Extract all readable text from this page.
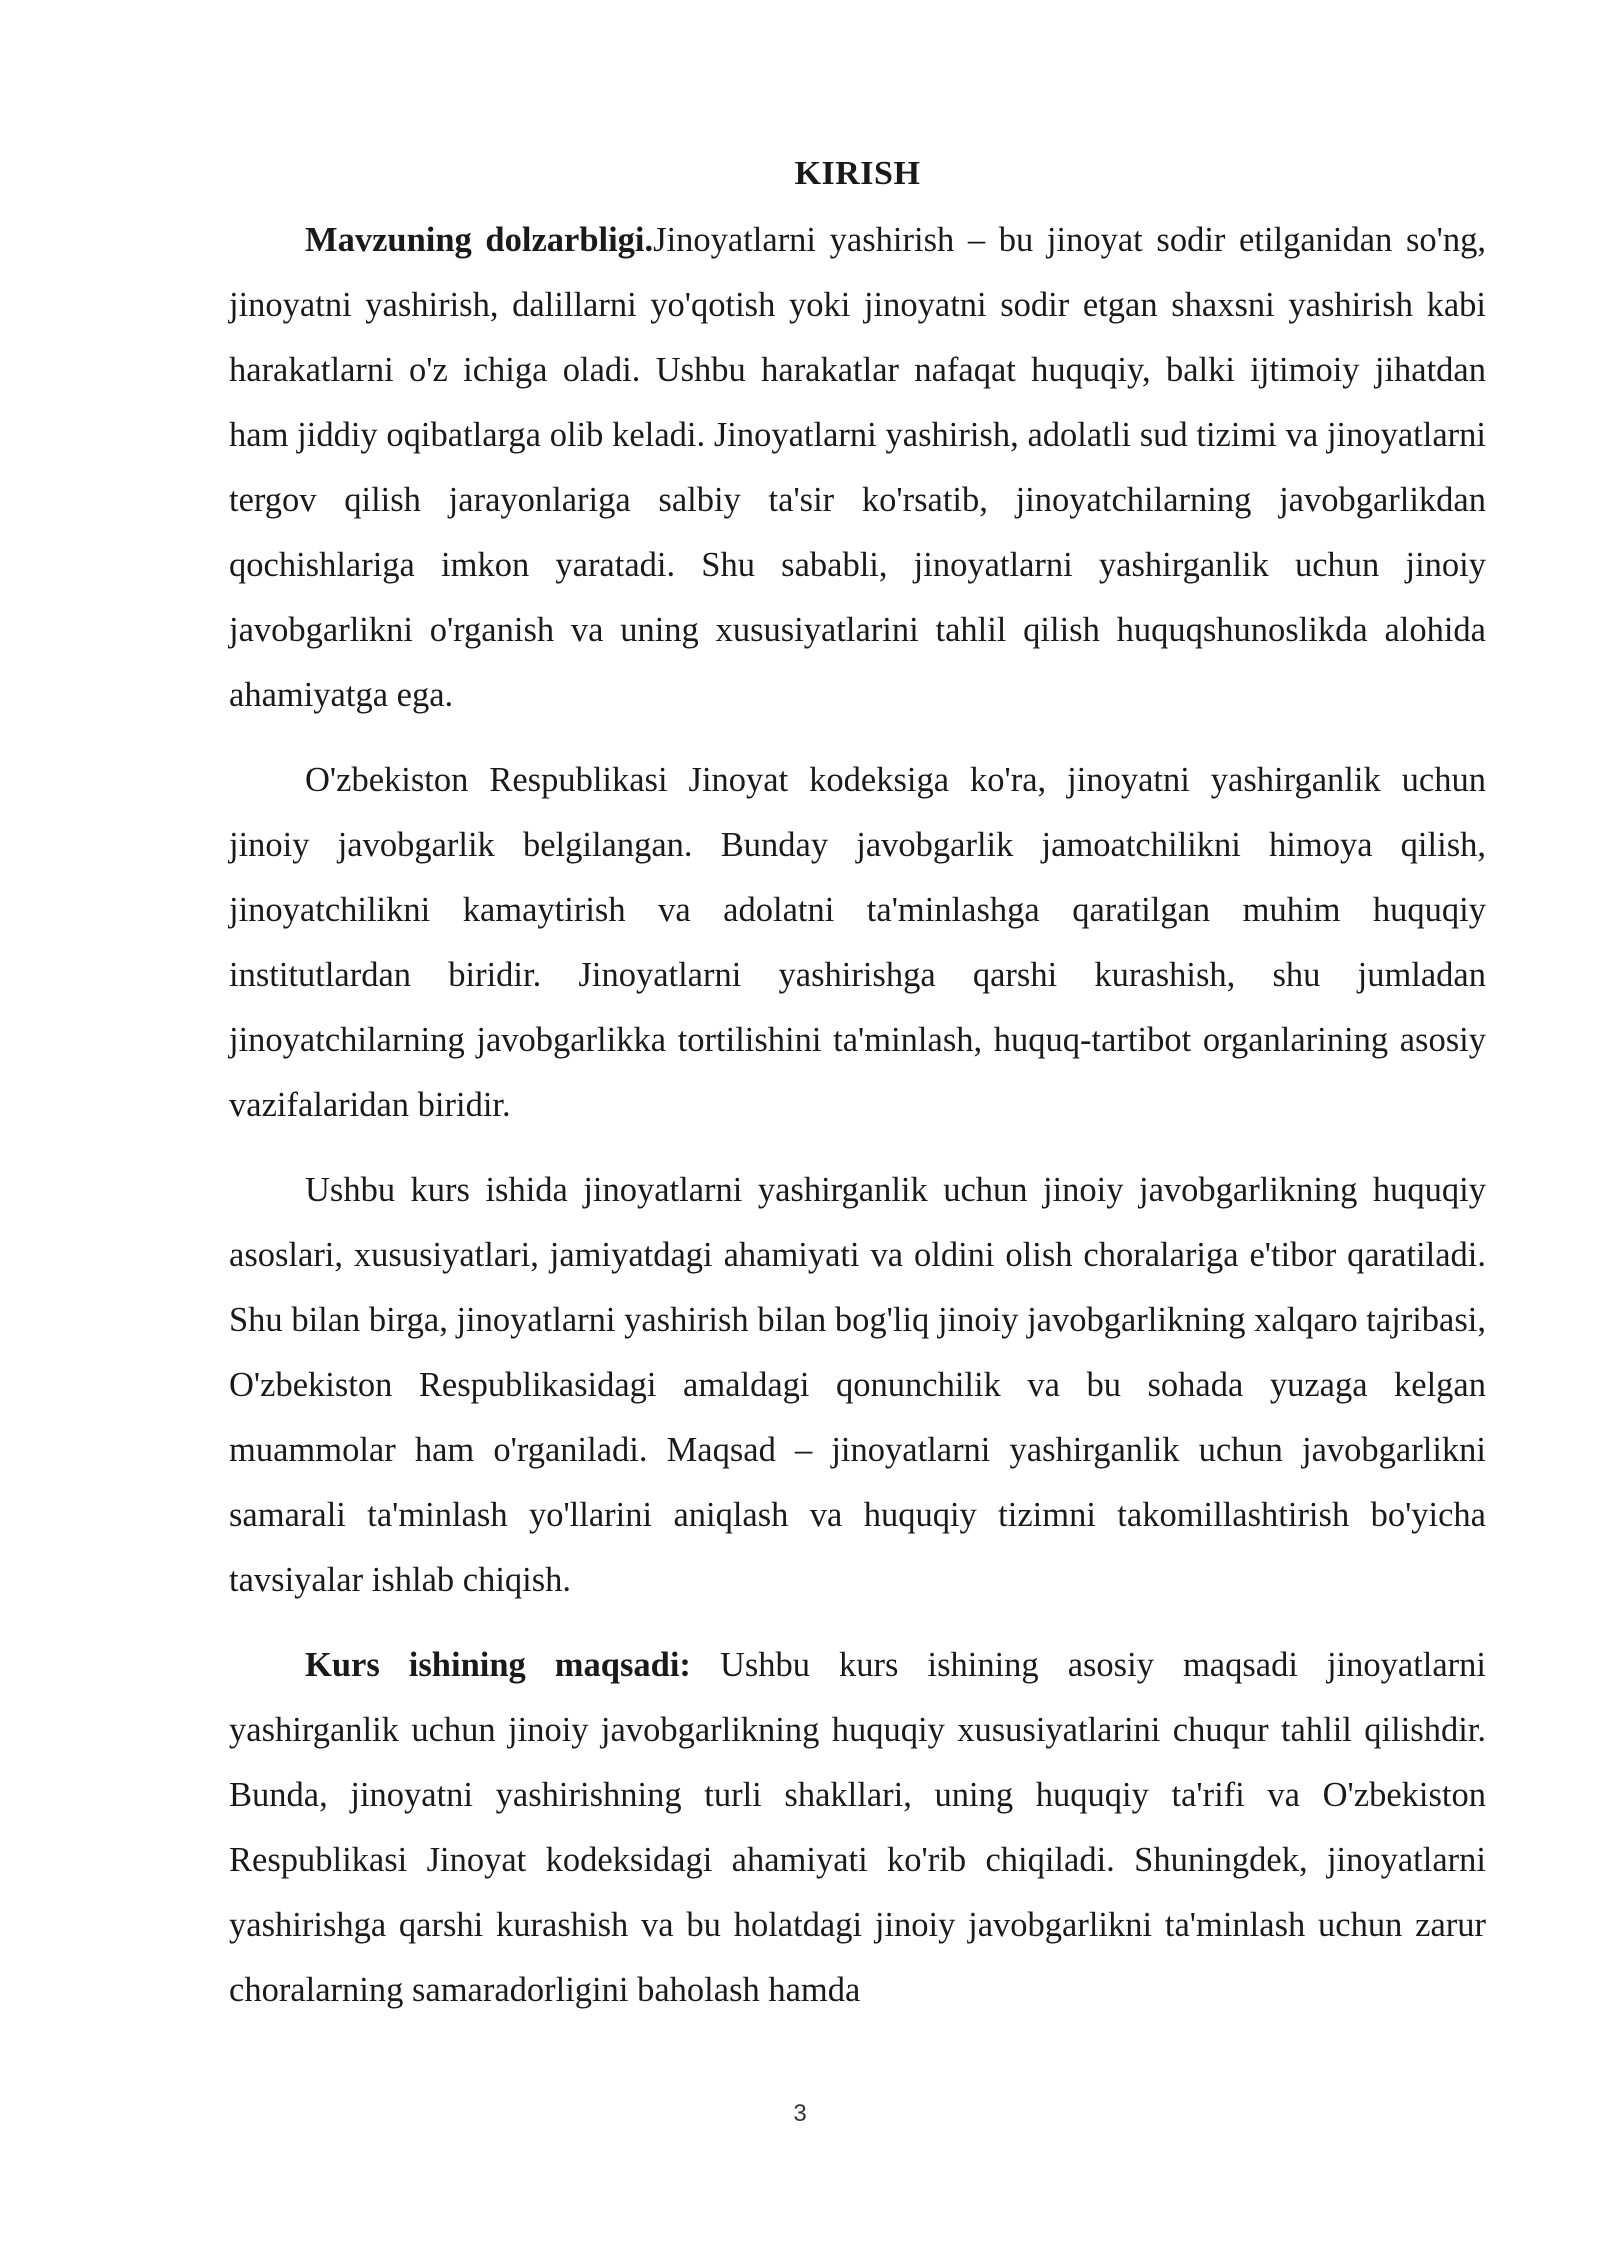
KIRISH

Mavzuning dolzarbligi.Jinoyatlarni yashirish – bu jinoyat sodir etilganidan so'ng, jinoyatni yashirish, dalillarni yo'qotish yoki jinoyatni sodir etgan shaxsni yashirish kabi harakatlarni o'z ichiga oladi. Ushbu harakatlar nafaqat huquqiy, balki ijtimoiy jihatdan ham jiddiy oqibatlarga olib keladi. Jinoyatlarni yashirish, adolatli sud tizimi va jinoyatlarni tergov qilish jarayonlariga salbiy ta'sir ko'rsatib, jinoyatchilarning javobgarlikdan qochishlariga imkon yaratadi. Shu sababli, jinoyatlarni yashirganlik uchun jinoiy javobgarlikni o'rganish va uning xususiyatlarini tahlil qilish huquqshunoslikda alohida ahamiyatga ega.

O'zbekiston Respublikasi Jinoyat kodeksiga ko'ra, jinoyatni yashirganlik uchun jinoiy javobgarlik belgilangan. Bunday javobgarlik jamoatchilikni himoya qilish, jinoyatchilikni kamaytirish va adolatni ta'minlashga qaratilgan muhim huquqiy institutlardan biridir. Jinoyatlarni yashirishga qarshi kurashish, shu jumladan jinoyatchilarning javobgarlikka tortilishini ta'minlash, huquq-tartibot organlarining asosiy vazifalaridan biridir.

Ushbu kurs ishida jinoyatlarni yashirganlik uchun jinoiy javobgarlikning huquqiy asoslari, xususiyatlari, jamiyatdagi ahamiyati va oldini olish choralariga e'tibor qaratiladi. Shu bilan birga, jinoyatlarni yashirish bilan bog'liq jinoiy javobgarlikning xalqaro tajribasi, O'zbekiston Respublikasidagi amaldagi qonunchilik va bu sohada yuzaga kelgan muammolar ham o'rganiladi. Maqsad – jinoyatlarni yashirganlik uchun javobgarlikni samarali ta'minlash yo'llarini aniqlash va huquqiy tizimni takomillashtirish bo'yicha tavsiyalar ishlab chiqish.

Kurs ishining maqsadi: Ushbu kurs ishining asosiy maqsadi jinoyatlarni yashirganlik uchun jinoiy javobgarlikning huquqiy xususiyatlarini chuqur tahlil qilishdir. Bunda, jinoyatni yashirishning turli shakllari, uning huquqiy ta'rifi va O'zbekiston Respublikasi Jinoyat kodeksidagi ahamiyati ko'rib chiqiladi. Shuningdek, jinoyatlarni yashirishga qarshi kurashish va bu holatdagi jinoiy javobgarlikni ta'minlash uchun zarur choralarning samaradorligini baholash hamda

3
